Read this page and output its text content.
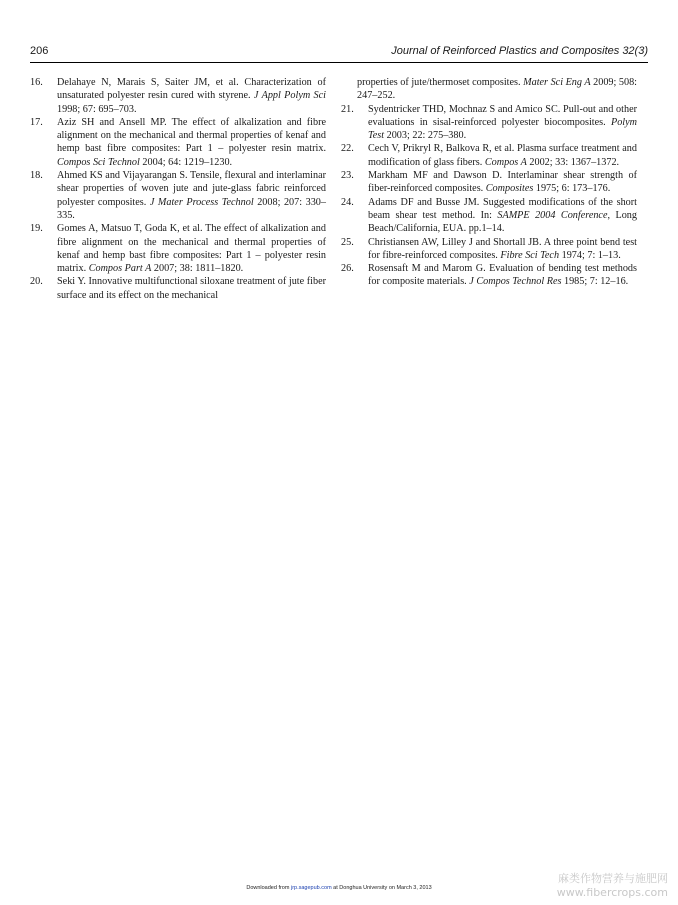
206	Journal of Reinforced Plastics and Composites 32(3)

16. Delahaye N, Marais S, Saiter JM, et al. Characterization of unsaturated polyester resin cured with styrene. J Appl Polym Sci 1998; 67: 695–703.

17. Aziz SH and Ansell MP. The effect of alkalization and fibre alignment on the mechanical and thermal properties of kenaf and hemp bast fibre composites: Part 1 – polyester resin matrix. Compos Sci Technol 2004; 64: 1219–1230.

18. Ahmed KS and Vijayarangan S. Tensile, flexural and interlaminar shear properties of woven jute and jute-glass fabric reinforced polyester composites. J Mater Process Technol 2008; 207: 330–335.

19. Gomes A, Matsuo T, Goda K, et al. The effect of alkalization and fibre alignment on the mechanical and thermal properties of kenaf and hemp bast fibre composites: Part 1 – polyester resin matrix. Compos Part A 2007; 38: 1811–1820.

20. Seki Y. Innovative multifunctional siloxane treatment of jute fiber surface and its effect on the mechanical

properties of jute/thermoset composites. Mater Sci Eng A 2009; 508: 247–252.

21. Sydentricker THD, Mochnaz S and Amico SC. Pull-out and other evaluations in sisal-reinforced polyester biocomposites. Polym Test 2003; 22: 275–380.

22. Cech V, Prikryl R, Balkova R, et al. Plasma surface treatment and modification of glass fibers. Compos A 2002; 33: 1367–1372.

23. Markham MF and Dawson D. Interlaminar shear strength of fiber-reinforced composites. Composites 1975; 6: 173–176.

24. Adams DF and Busse JM. Suggested modifications of the short beam shear test method. In: SAMPE 2004 Conference, Long Beach/California, EUA. pp.1–14.

25. Christiansen AW, Lilley J and Shortall JB. A three point bend test for fibre-reinforced composites. Fibre Sci Tech 1974; 7: 1–13.

26. Rosensaft M and Marom G. Evaluation of bending test methods for composite materials. J Compos Technol Res 1985; 7: 12–16.

Downloaded from jrp.sagepub.com at Donghua University on March 3, 2013
麻类作物营养与施肥网
www.fibercrops.com
